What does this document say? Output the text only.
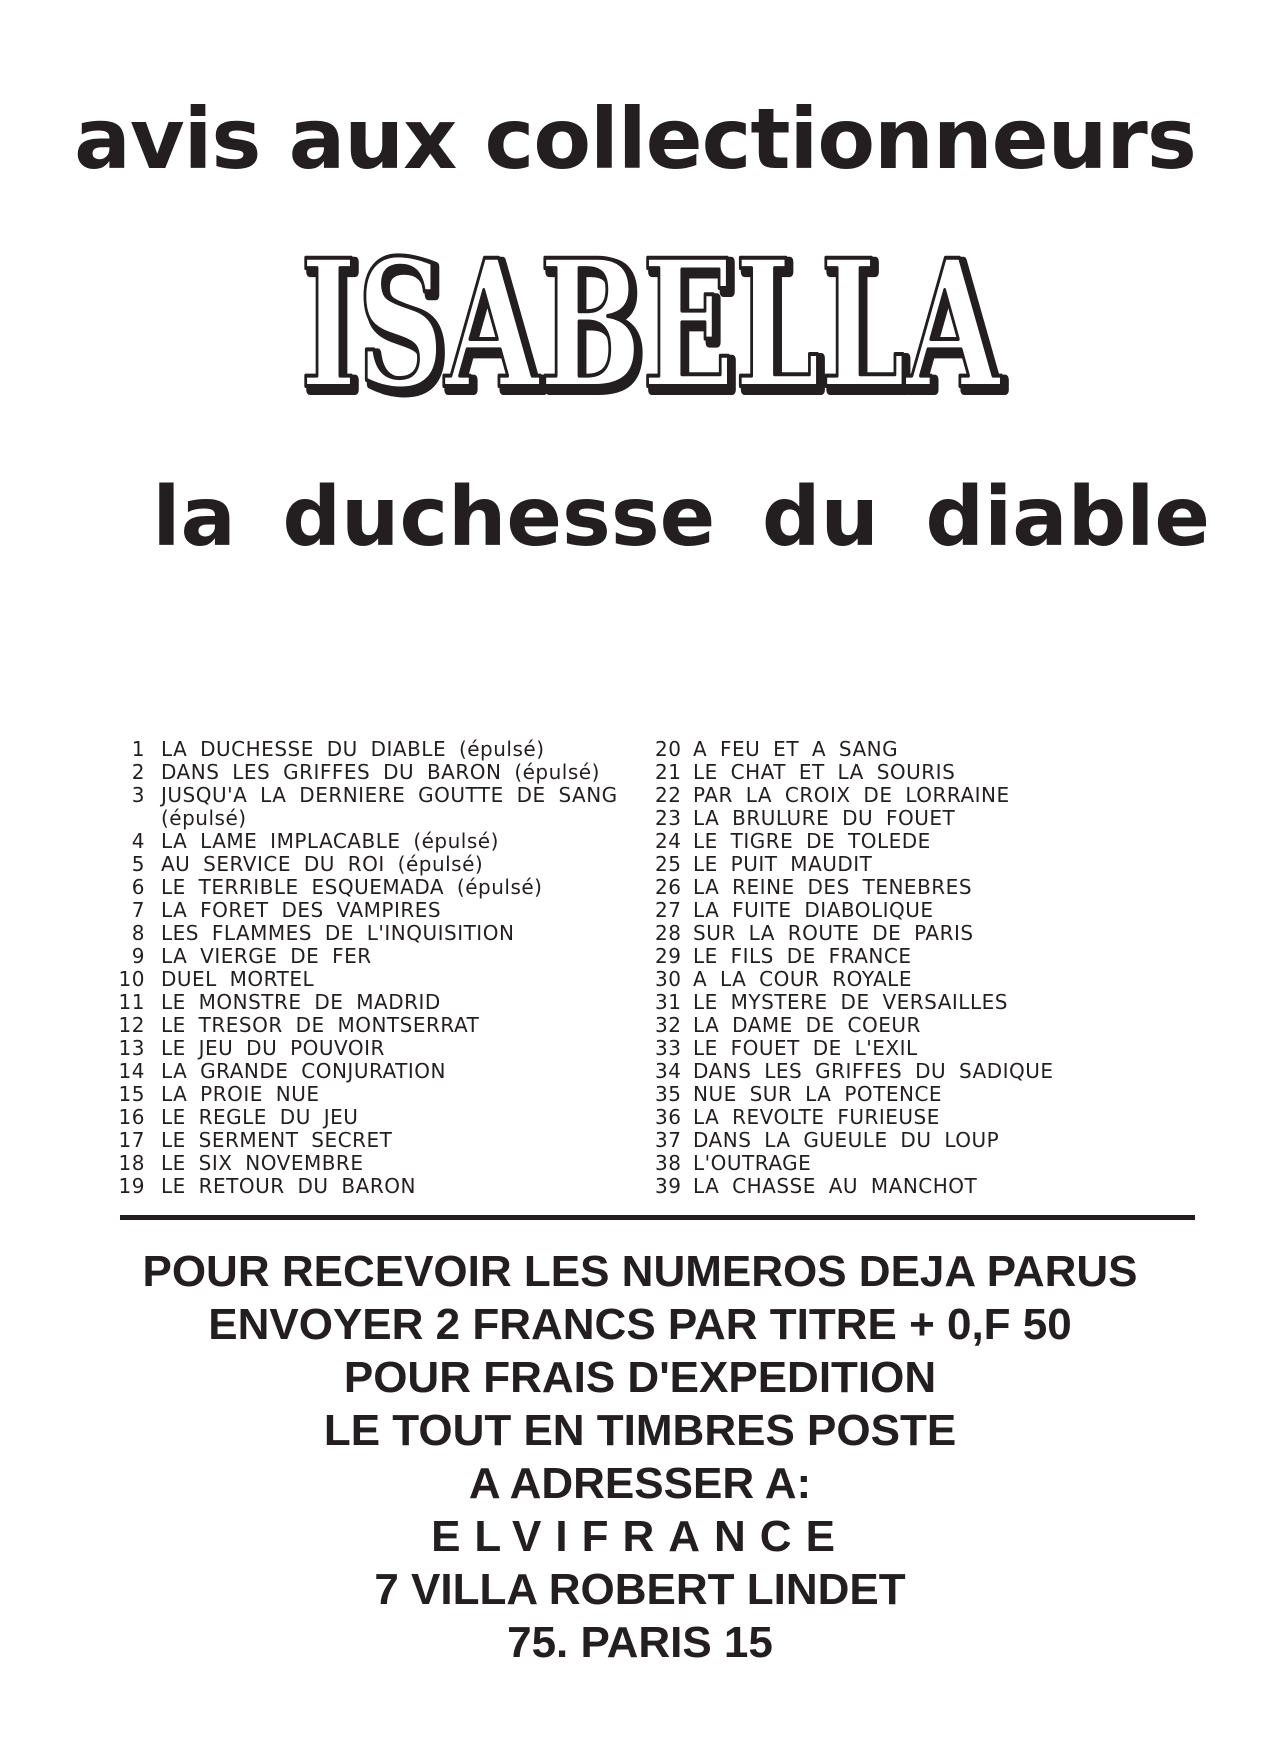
avis aux collectionneurs
ISABELLA
ISABELLA
ISABELLA
la duchesse du diable
1 LA DUCHESSE DU DIABLE (épulsé)
2 DANS LES GRIFFES DU BARON (épulsé)
3 JUSQU'A LA DERNIERE GOUTTE DE SANG
(épulsé)
4 LA LAME IMPLACABLE (épulsé)
5 AU SERVICE DU ROI (épulsé)
6 LE TERRIBLE ESQUEMADA (épulsé)
7 LA FORET DES VAMPIRES
8 LES FLAMMES DE L'INQUISITION
9 LA VIERGE DE FER
10 DUEL MORTEL
11 LE MONSTRE DE MADRID
12 LE TRESOR DE MONTSERRAT
13 LE JEU DU POUVOIR
14 LA GRANDE CONJURATION
15 LA PROIE NUE
16 LE REGLE DU JEU
17 LE SERMENT SECRET
18 LE SIX NOVEMBRE
19 LE RETOUR DU BARON
20 A FEU ET A SANG
21 LE CHAT ET LA SOURIS
22 PAR LA CROIX DE LORRAINE
23 LA BRULURE DU FOUET
24 LE TIGRE DE TOLEDE
25 LE PUIT MAUDIT
26 LA REINE DES TENEBRES
27 LA FUITE DIABOLIQUE
28 SUR LA ROUTE DE PARIS
29 LE FILS DE FRANCE
30 A LA COUR ROYALE
31 LE MYSTERE DE VERSAILLES
32 LA DAME DE COEUR
33 LE FOUET DE L'EXIL
34 DANS LES GRIFFES DU SADIQUE
35 NUE SUR LA POTENCE
36 LA REVOLTE FURIEUSE
37 DANS LA GUEULE DU LOUP
38 L'OUTRAGE
39 LA CHASSE AU MANCHOT
POUR RECEVOIR LES NUMEROS DEJA PARUS
ENVOYER 2 FRANCS PAR TITRE + 0,F 50
POUR FRAIS D'EXPEDITION
LE TOUT EN TIMBRES POSTE
A ADRESSER A:
ELVIFRANCE
7 VILLA ROBERT LINDET
75. PARIS 15
